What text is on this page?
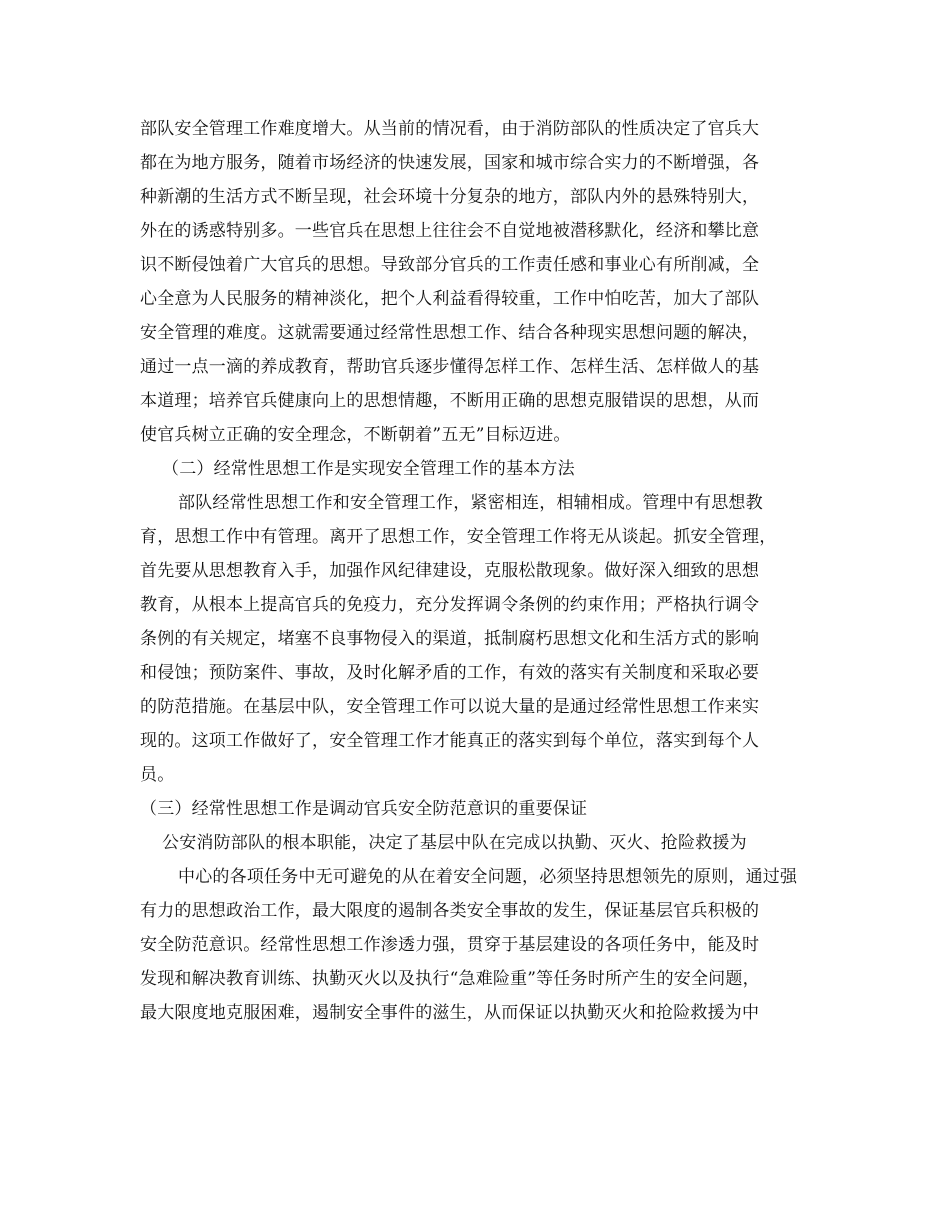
部队安全管理工作难度增大。从当前的情况看，由于消防部队的性质决定了官兵大
都在为地方服务，随着市场经济的快速发展，国家和城市综合实力的不断增强，各
种新潮的生活方式不断呈现，社会环境十分复杂的地方，部队内外的悬殊特别大，
外在的诱惑特别多。一些官兵在思想上往往会不自觉地被潜移默化，经济和攀比意
识不断侵蚀着广大官兵的思想。导致部分官兵的工作责任感和事业心有所削减，全
心全意为人民服务的精神淡化，把个人利益看得较重，工作中怕吃苦，加大了部队
安全管理的难度。这就需要通过经常性思想工作、结合各种现实思想问题的解决，
通过一点一滴的养成教育，帮助官兵逐步懂得怎样工作、怎样生活、怎样做人的基
本道理；培养官兵健康向上的思想情趣，不断用正确的思想克服错误的思想，从而
使官兵树立正确的安全理念，不断朝着”五无”目标迈进。
（二）经常性思想工作是实现安全管理工作的基本方法
部队经常性思想工作和安全管理工作，紧密相连，相辅相成。管理中有思想教
育，思想工作中有管理。离开了思想工作，安全管理工作将无从谈起。抓安全管理，
首先要从思想教育入手，加强作风纪律建设，克服松散现象。做好深入细致的思想
教育，从根本上提高官兵的免疫力，充分发挥调令条例的约束作用；严格执行调令
条例的有关规定，堵塞不良事物侵入的渠道，抵制腐朽思想文化和生活方式的影响
和侵蚀；预防案件、事故，及时化解矛盾的工作，有效的落实有关制度和采取必要
的防范措施。在基层中队，安全管理工作可以说大量的是通过经常性思想工作来实
现的。这项工作做好了，安全管理工作才能真正的落实到每个单位，落实到每个人
员。
（三）经常性思想工作是调动官兵安全防范意识的重要保证
公安消防部队的根本职能，决定了基层中队在完成以执勤、灭火、抢险救援为
中心的各项任务中无可避免的从在着安全问题，必须坚持思想领先的原则，通过强
有力的思想政治工作，最大限度的遏制各类安全事故的发生，保证基层官兵积极的
安全防范意识。经常性思想工作渗透力强，贯穿于基层建设的各项任务中，能及时
发现和解决教育训练、执勤灭火以及执行“急难险重”等任务时所产生的安全问题，
最大限度地克服困难，遏制安全事件的滋生，从而保证以执勤灭火和抢险救援为中
